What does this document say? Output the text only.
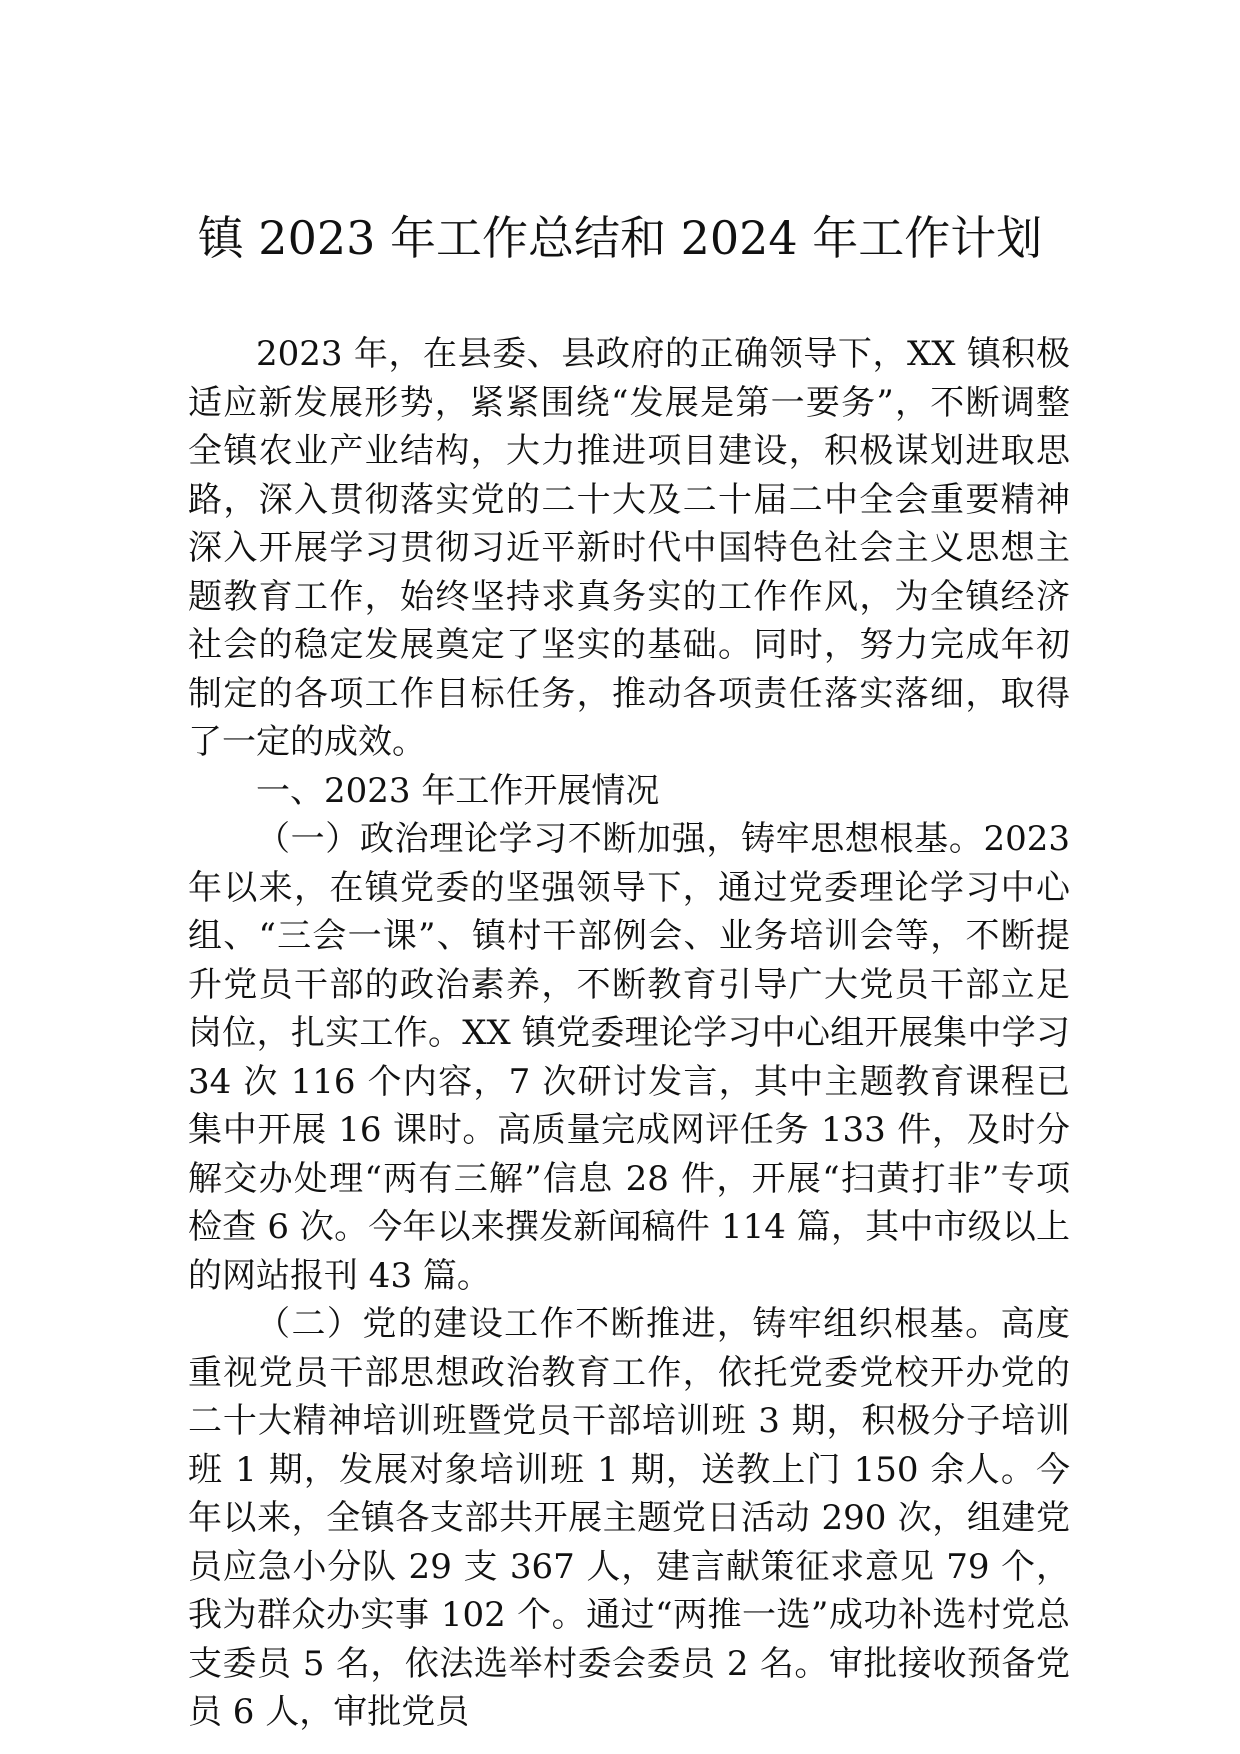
镇 2023 年工作总结和 2024 年工作计划

2023 年，在县委、县政府的正确领导下，XX 镇积极适应新发展形势，紧紧围绕“发展是第一要务”，不断调整全镇农业产业结构，大力推进项目建设，积极谋划进取思路，深入贯彻落实党的二十大及二十届二中全会重要精神深入开展学习贯彻习近平新时代中国特色社会主义思想主题教育工作，始终坚持求真务实的工作作风，为全镇经济社会的稳定发展奠定了坚实的基础。同时，努力完成年初制定的各项工作目标任务，推动各项责任落实落细，取得了一定的成效。

一、2023 年工作开展情况

（一）政治理论学习不断加强，铸牢思想根基。2023 年以来，在镇党委的坚强领导下，通过党委理论学习中心组、“三会一课”、镇村干部例会、业务培训会等，不断提升党员干部的政治素养，不断教育引导广大党员干部立足岗位，扎实工作。XX 镇党委理论学习中心组开展集中学习 34 次 116 个内容，7 次研讨发言，其中主题教育课程已集中开展 16 课时。高质量完成网评任务 133 件，及时分解交办处理“两有三解”信息 28 件，开展“扫黄打非”专项检查 6 次。今年以来撰发新闻稿件 114 篇，其中市级以上的网站报刊 43 篇。

（二）党的建设工作不断推进，铸牢组织根基。高度重视党员干部思想政治教育工作，依托党委党校开办党的二十大精神培训班暨党员干部培训班 3 期，积极分子培训班 1 期，发展对象培训班 1 期，送教上门 150 余人。今年以来，全镇各支部共开展主题党日活动 290 次，组建党员应急小分队 29 支 367 人，建言献策征求意见 79 个，我为群众办实事 102 个。通过“两推一选”成功补选村党总支委员 5 名，依法选举村委会委员 2 名。审批接收预备党员 6 人，审批党员
